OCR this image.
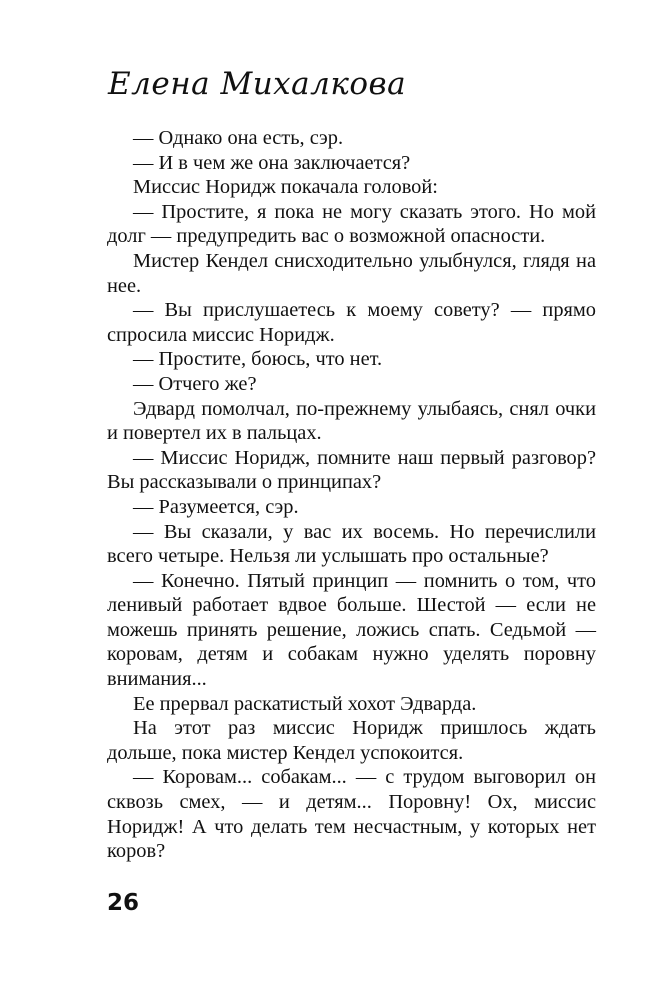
Елена Михалкова

— Однако она есть, сэр.

— И в чем же она заключается?

Миссис Норидж покачала головой:

— Простите, я пока не могу сказать этого. Но мой долг — предупредить вас о возможной опасности.

Мистер Кендел снисходительно улыбнулся, глядя на нее.

— Вы прислушаетесь к моему совету? — прямо спросила миссис Норидж.

— Простите, боюсь, что нет.

— Отчего же?

Эдвард помолчал, по-прежнему улыбаясь, снял очки и повертел их в пальцах.

— Миссис Норидж, помните наш первый разговор? Вы рассказывали о принципах?

— Разумеется, сэр.

— Вы сказали, у вас их восемь. Но перечислили всего четыре. Нельзя ли услышать про остальные?

— Конечно. Пятый принцип — помнить о том, что ленивый работает вдвое больше. Шестой — если не можешь принять решение, ложись спать. Седьмой — коровам, детям и собакам нужно уделять поровну внимания...

Ее прервал раскатистый хохот Эдварда.

На этот раз миссис Норидж пришлось ждать дольше, пока мистер Кендел успокоится.

— Коровам... собакам... — с трудом выговорил он сквозь смех, — и детям... Поровну! Ох, миссис Норидж! А что делать тем несчастным, у которых нет коров?

26
